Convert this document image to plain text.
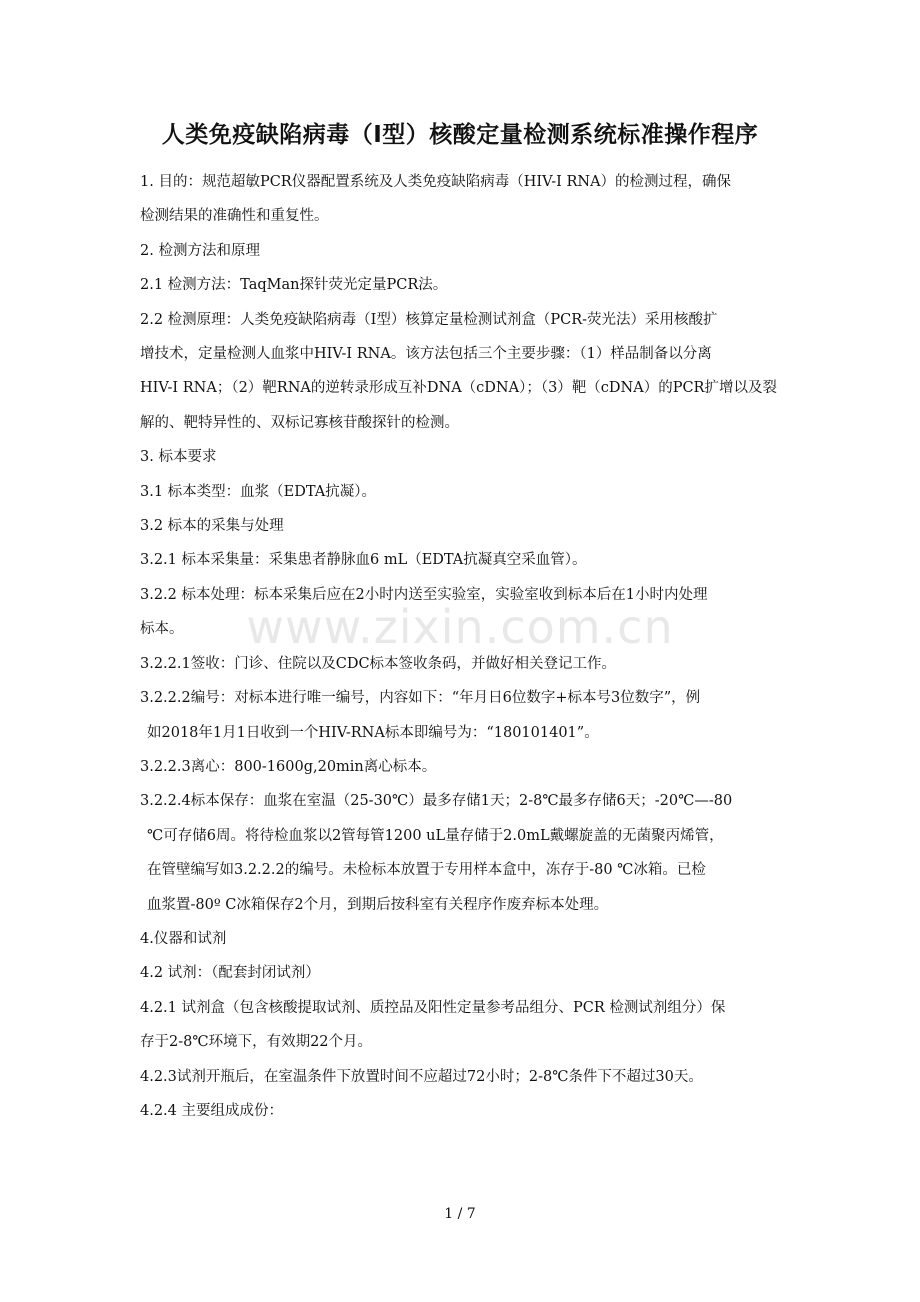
人类免疫缺陷病毒（Ⅰ型）核酸定量检测系统标准操作程序
www.zixin.com.cn

1. 目的：规范超敏PCR仪器配置系统及人类免疫缺陷病毒（HIV-I RNA）的检测过程，确保

检测结果的准确性和重复性。

2. 检测方法和原理

2.1 检测方法：TaqMan探针荧光定量PCR法。

2.2 检测原理：人类免疫缺陷病毒（Ⅰ型）核算定量检测试剂盒（PCR-荧光法）采用核酸扩

增技术，定量检测人血浆中HIV-I RNA。该方法包括三个主要步骤：（1）样品制备以分离

HIV-I RNA；（2）靶RNA的逆转录形成互补DNA（cDNA）；（3）靶（cDNA）的PCR扩增以及裂

解的、靶特异性的、双标记寡核苷酸探针的检测。

3. 标本要求

3.1 标本类型：血浆（EDTA抗凝）。

3.2 标本的采集与处理

3.2.1 标本采集量：采集患者静脉血6 mL（EDTA抗凝真空采血管）。

3.2.2 标本处理：标本采集后应在2小时内送至实验室，实验室收到标本后在1小时内处理

标本。

3.2.2.1签收：门诊、住院以及CDC标本签收条码，并做好相关登记工作。

3.2.2.2编号：对标本进行唯一编号，内容如下：“年月日6位数字+标本号3位数字”，例

如2018年1月1日收到一个HIV-RNA标本即编号为：“180101401”。

3.2.2.3离心：800-1600g,20min离心标本。

3.2.2.4标本保存：血浆在室温（25-30℃）最多存储1天；2-8℃最多存储6天；-20℃—-80

℃可存储6周。将待检血浆以2管每管1200 uL量存储于2.0mL戴螺旋盖的无菌聚丙烯管，

在管壁编写如3.2.2.2的编号。未检标本放置于专用样本盒中，冻存于-80 ℃冰箱。已检

血浆置-80º C冰箱保存2个月，到期后按科室有关程序作废弃标本处理。

4.仪器和试剂

4.2 试剂：（配套封闭试剂）

4.2.1 试剂盒（包含核酸提取试剂、质控品及阳性定量参考品组分、PCR 检测试剂组分）保

存于2-8℃环境下，有效期22个月。

4.2.3试剂开瓶后，在室温条件下放置时间不应超过72小时；2-8℃条件下不超过30天。

4.2.4 主要组成成份：

1 / 7
